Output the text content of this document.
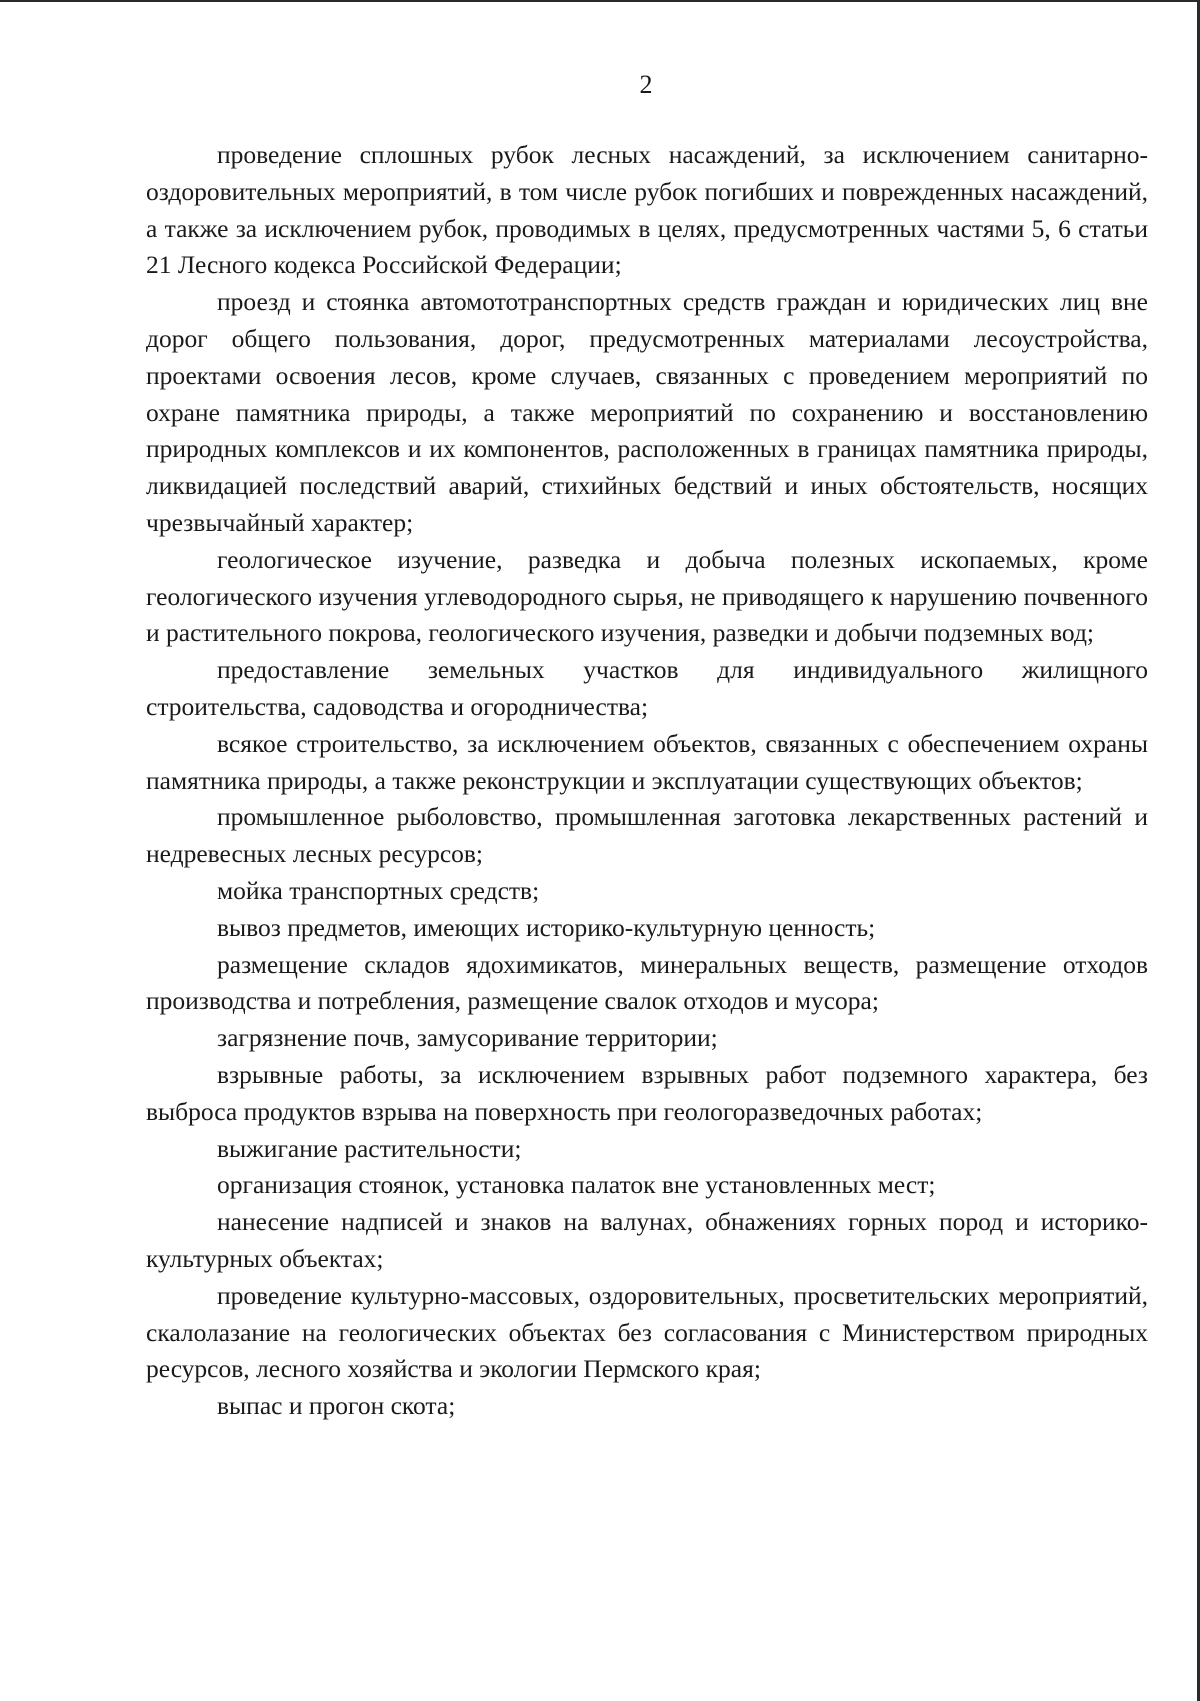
2

проведение сплошных рубок лесных насаждений, за исключением санитарно-оздоровительных мероприятий, в том числе рубок погибших и поврежденных насаждений, а также за исключением рубок, проводимых в целях, предусмотренных частями 5, 6 статьи 21 Лесного кодекса Российской Федерации;

проезд и стоянка автомототранспортных средств граждан и юридических лиц вне дорог общего пользования, дорог, предусмотренных материалами лесоустройства, проектами освоения лесов, кроме случаев, связанных с проведением мероприятий по охране памятника природы, а также мероприятий по сохранению и восстановлению природных комплексов и их компонентов, расположенных в границах памятника природы, ликвидацией последствий аварий, стихийных бедствий и иных обстоятельств, носящих чрезвычайный характер;

геологическое изучение, разведка и добыча полезных ископаемых, кроме геологического изучения углеводородного сырья, не приводящего к нарушению почвенного и растительного покрова, геологического изучения, разведки и добычи подземных вод;

предоставление земельных участков для индивидуального жилищного строительства, садоводства и огородничества;

всякое строительство, за исключением объектов, связанных с обеспечением охраны памятника природы, а также реконструкции и эксплуатации существующих объектов;

промышленное рыболовство, промышленная заготовка лекарственных растений и недревесных лесных ресурсов;

мойка транспортных средств;

вывоз предметов, имеющих историко-культурную ценность;

размещение складов ядохимикатов, минеральных веществ, размещение отходов производства и потребления, размещение свалок отходов и мусора;

загрязнение почв, замусоривание территории;

взрывные работы, за исключением взрывных работ подземного характера, без выброса продуктов взрыва на поверхность при геологоразведочных работах;

выжигание растительности;

организация стоянок, установка палаток вне установленных мест;

нанесение надписей и знаков на валунах, обнажениях горных пород и историко-культурных объектах;

проведение культурно-массовых, оздоровительных, просветительских мероприятий, скалолазание на геологических объектах без согласования с Министерством природных ресурсов, лесного хозяйства и экологии Пермского края;

выпас и прогон скота;
